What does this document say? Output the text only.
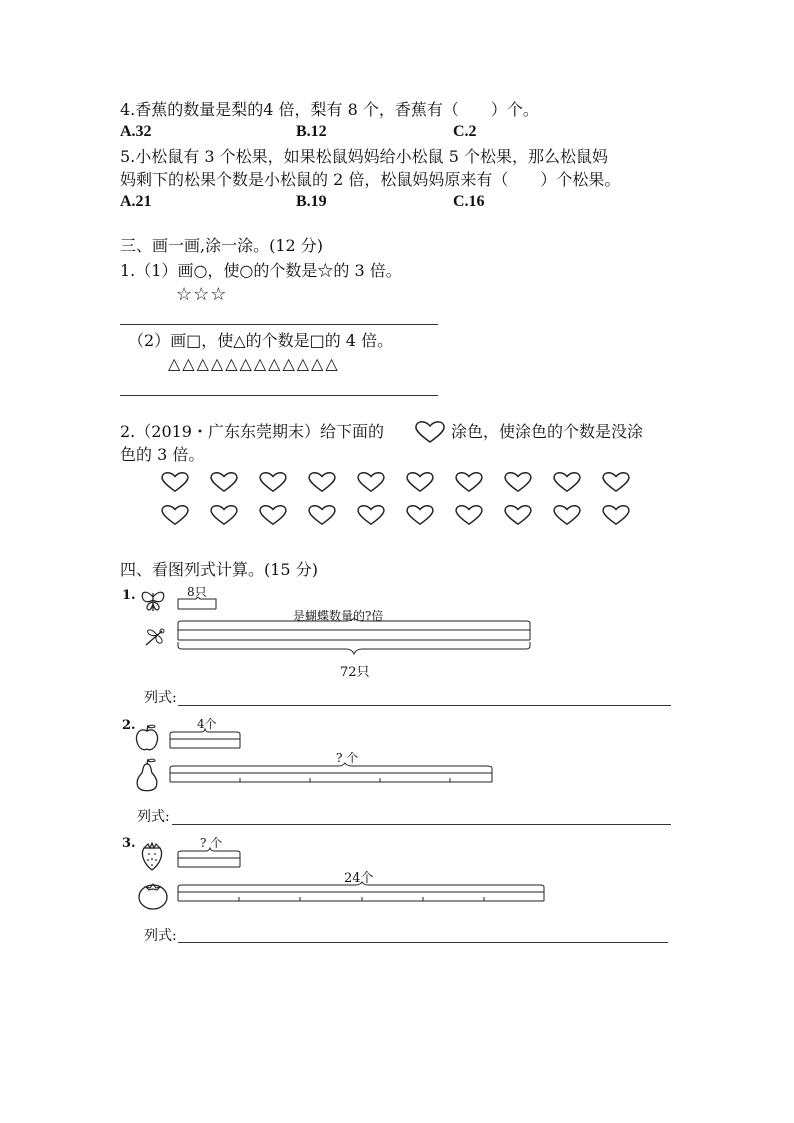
4.香蕉的数量是梨的4 倍，梨有 8 个，香蕉有（　　）个。
A.32	B.12	C.2
5.小松鼠有 3 个松果，如果松鼠妈妈给小松鼠 5 个松果，那么松鼠妈
妈剩下的松果个数是小松鼠的 2 倍，松鼠妈妈原来有（　　）个松果。
A.21	B.19	C.16
三、画一画,涂一涂。(12 分)
1.（1）画○，使○的个数是☆的 3 倍。
☆☆☆
（2）画□，使△的个数是□的 4 倍。
△△△△△△△△△△△△
2.（2019・广东东莞期末）给下面的	涂色，使涂色的个数是没涂
色的 3 倍。
四、看图列式计算。(15 分)
1.	8只
是蝴蝶数量的?倍
72只
列式:
2.	4个
? 个
列式:
3.	? 个
24个
列式:
